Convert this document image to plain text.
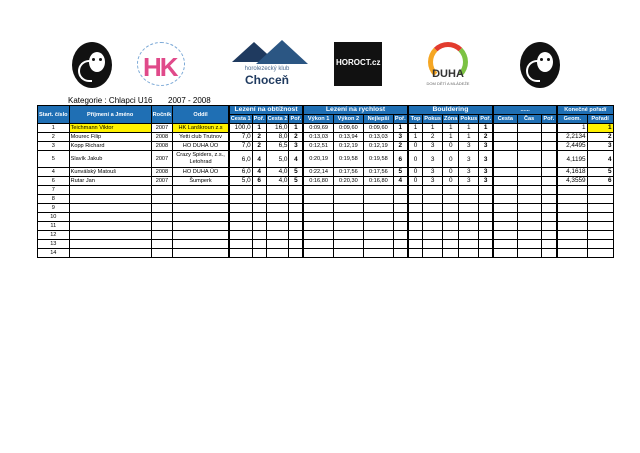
HK	horolezecký klub
Choceň
HOROCT.cz
DUHA
DOM DĚTÍ A MLÁDEŽE
Kategorie : Chlapci U16 2007 - 2008
Start. číslo	Příjmení a Jméno	Ročník	Oddíl	Lezení na obtížnost				Lezení na rychlost				Bouldering					......			Konečné pořadí	
				Cesta 1	Poř.	Cesta 2	Poř.	Výkon 1	Výkon 2	Nejlepší	Poř.	Top	Pokus	Zóna	Pokus	Poř.	Cesta	Čas	Poř.	Geom.	Pořadí
1	Teichmann Viktor	2007	HK Lanškroun z.s	100,0	1	16,0	1	0:09,69	0:09,60	0:09,60	1	1	1	1	1	1				1	1
2	Mourec Filip	2008	Yetti club Trutnov	7,0	2	8,0	2	0:13,03	0:13,94	0:13,03	3	1	2	1	1	2				2,2134	2
3	Kopp Richard	2008	HO DUHA ÚO	7,0	2	6,5	3	0:12,51	0:12,19	0:12,19	2	0	3	0	3	3				2,4495	3
5	Slavík Jakub	2007	Crazy Spiders, z.s., Letohrad	6,0	4	5,0	4	0:20,19	0:19,58	0:19,58	6	0	3	0	3	3				4,1195	4
4	Kunválský Matouš	2008	HO DUHA ÚO	6,0	4	4,0	5	0:22,14	0:17,56	0:17,56	5	0	3	0	3	3				4,1618	5
6	Rutar Jan	2007	Šumperk	5,0	6	4,0	5	0:16,80	0:20,30	0:16,80	4	0	3	0	3	3				4,3559	6
7																					
8																					
9																					
10																					
11																					
12																					
13																					
14																					
